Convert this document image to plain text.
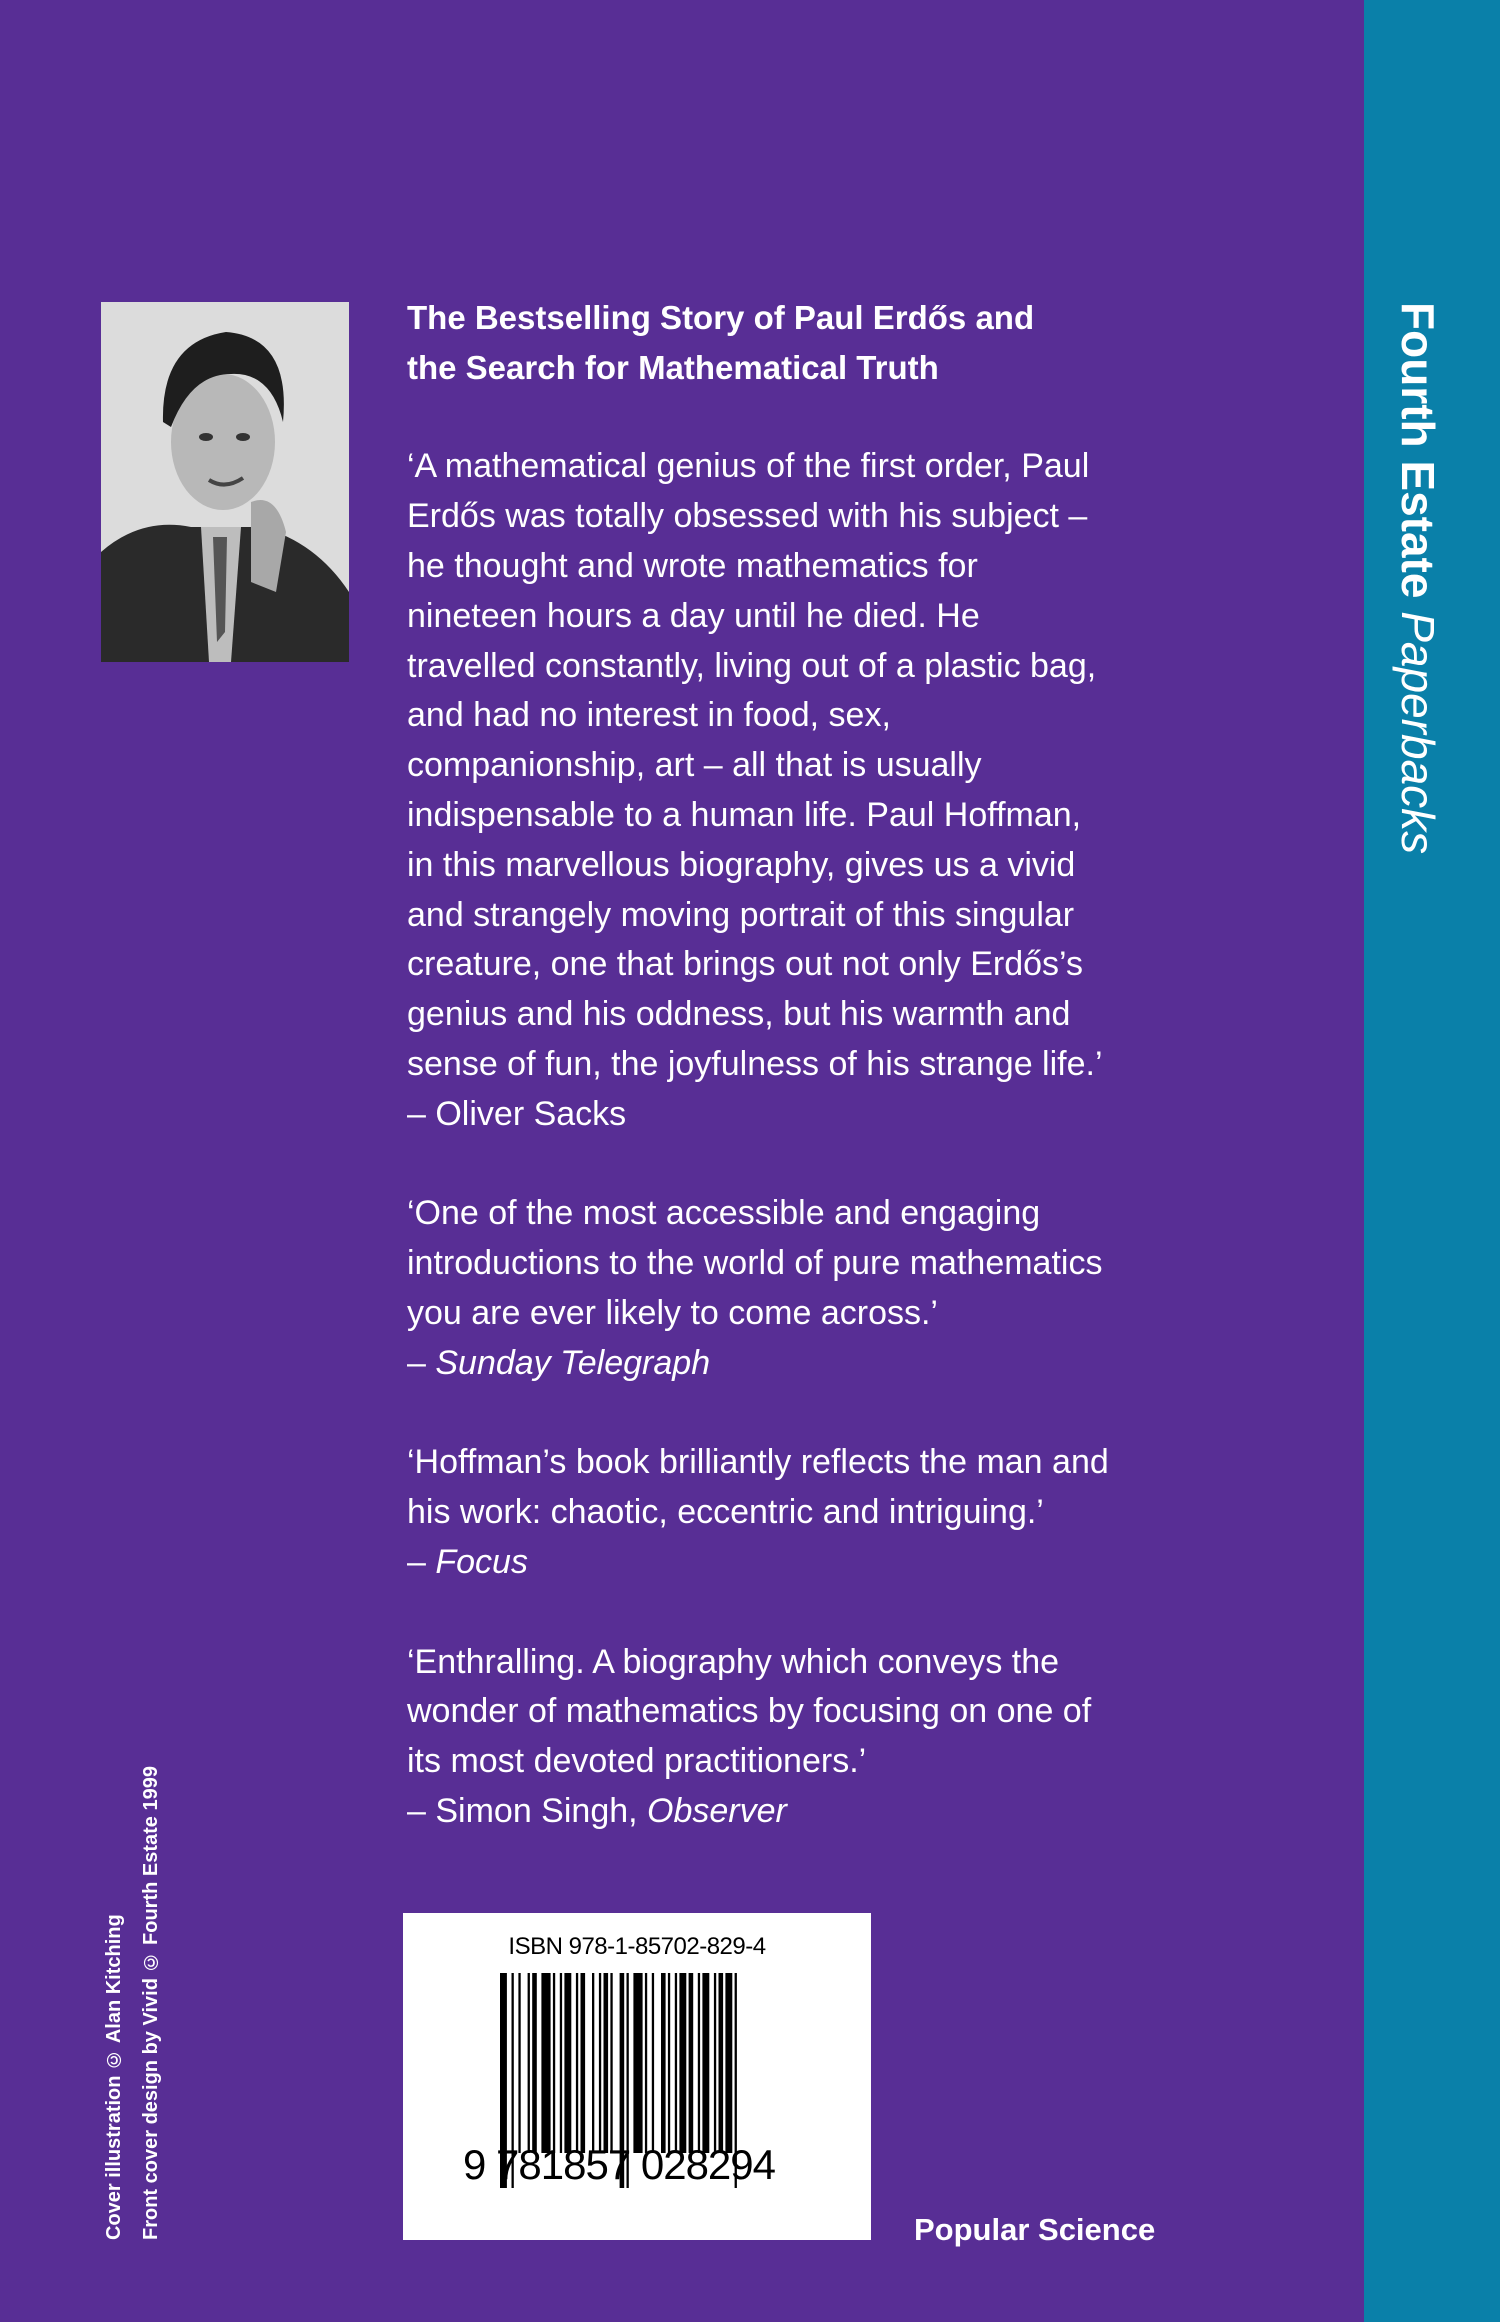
Fourth Estate Paperbacks
The Bestselling Story of Paul Erdős and
the Search for Mathematical Truth
‘A mathematical genius of the first order, Paul
Erdős was totally obsessed with his subject –
he thought and wrote mathematics for
nineteen hours a day until he died. He
travelled constantly, living out of a plastic bag,
and had no interest in food, sex,
companionship, art – all that is usually
indispensable to a human life. Paul Hoffman,
in this marvellous biography, gives us a vivid
and strangely moving portrait of this singular
creature, one that brings out not only Erdős’s
genius and his oddness, but his warmth and
sense of fun, the joyfulness of his strange life.’
– Oliver Sacks
‘One of the most accessible and engaging
introductions to the world of pure mathematics
you are ever likely to come across.’
– Sunday Telegraph
‘Hoffman’s book brilliantly reflects the man and
his work: chaotic, eccentric and intriguing.’
– Focus
‘Enthralling. A biography which conveys the
wonder of mathematics by focusing on one of
its most devoted practitioners.’
– Simon Singh, Observer
ISBN 978-1-85702-829-4
9 781857 028294
Popular Science
Cover illustration © Alan Kitching Front cover design by Vivid © Fourth Estate 1999
